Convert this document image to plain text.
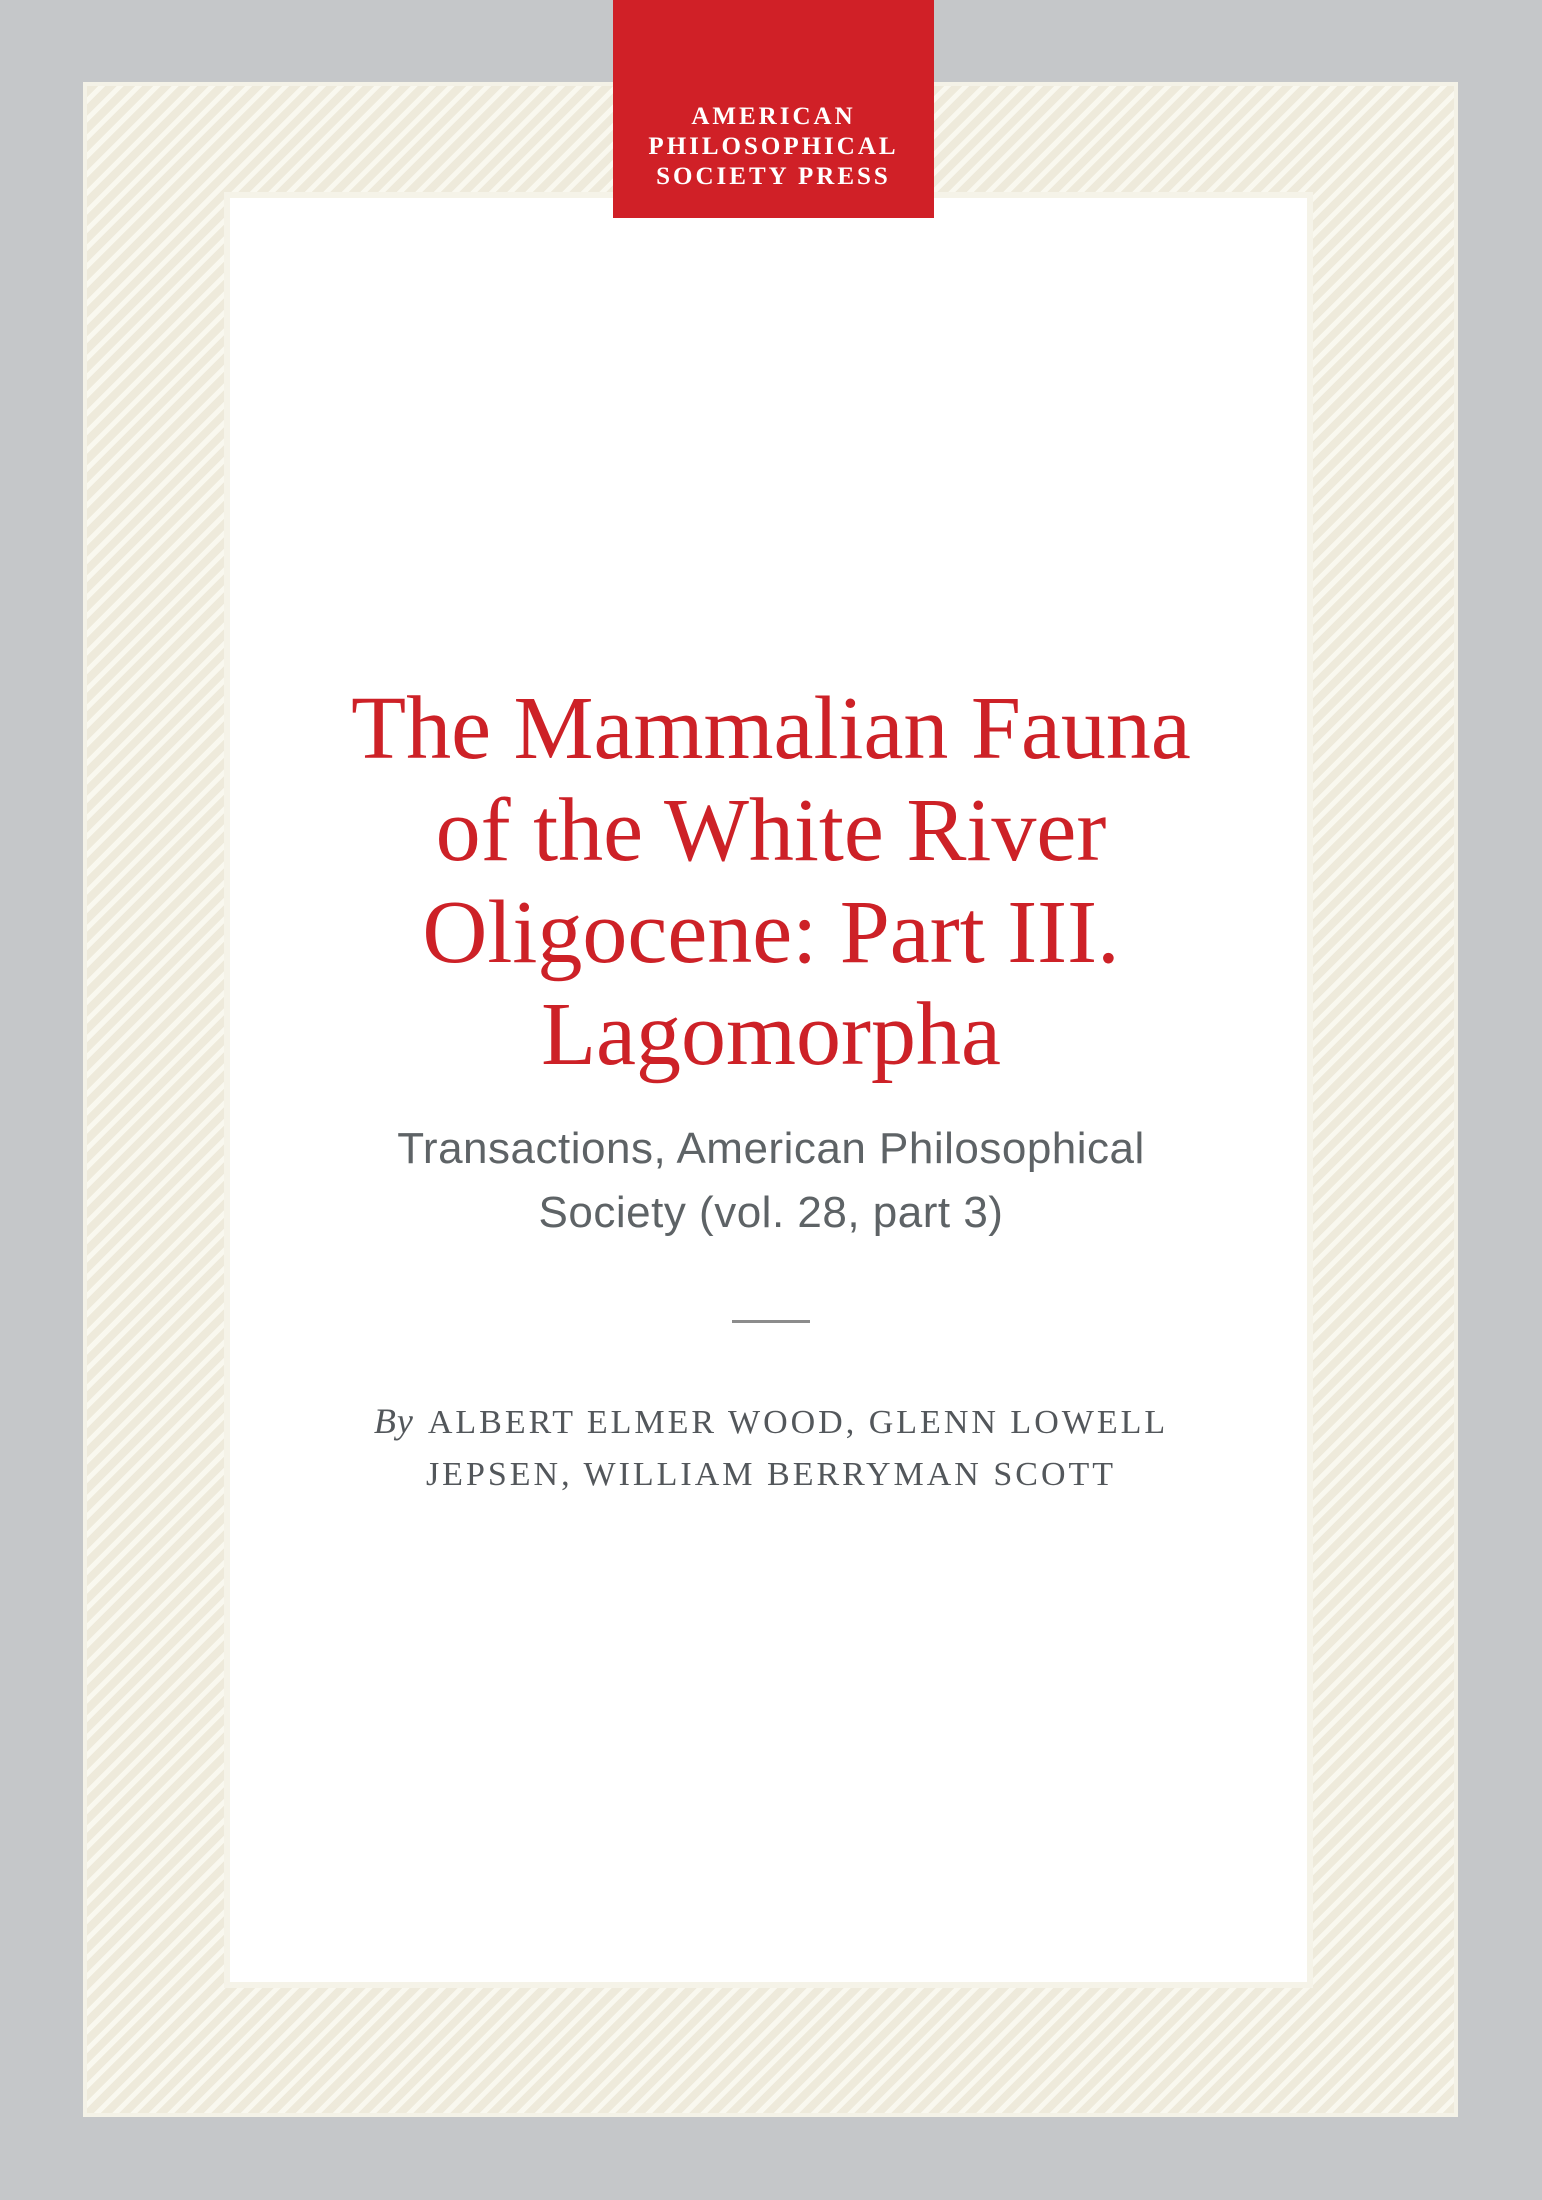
AMERICAN
PHILOSOPHICAL
SOCIETY PRESS
The Mammalian Fauna
of the White River
Oligocene: Part III.
Lagomorpha
Transactions, American Philosophical
Society (vol. 28, part 3)
By ALBERT ELMER WOOD, GLENN LOWELL
JEPSEN, WILLIAM BERRYMAN SCOTT
